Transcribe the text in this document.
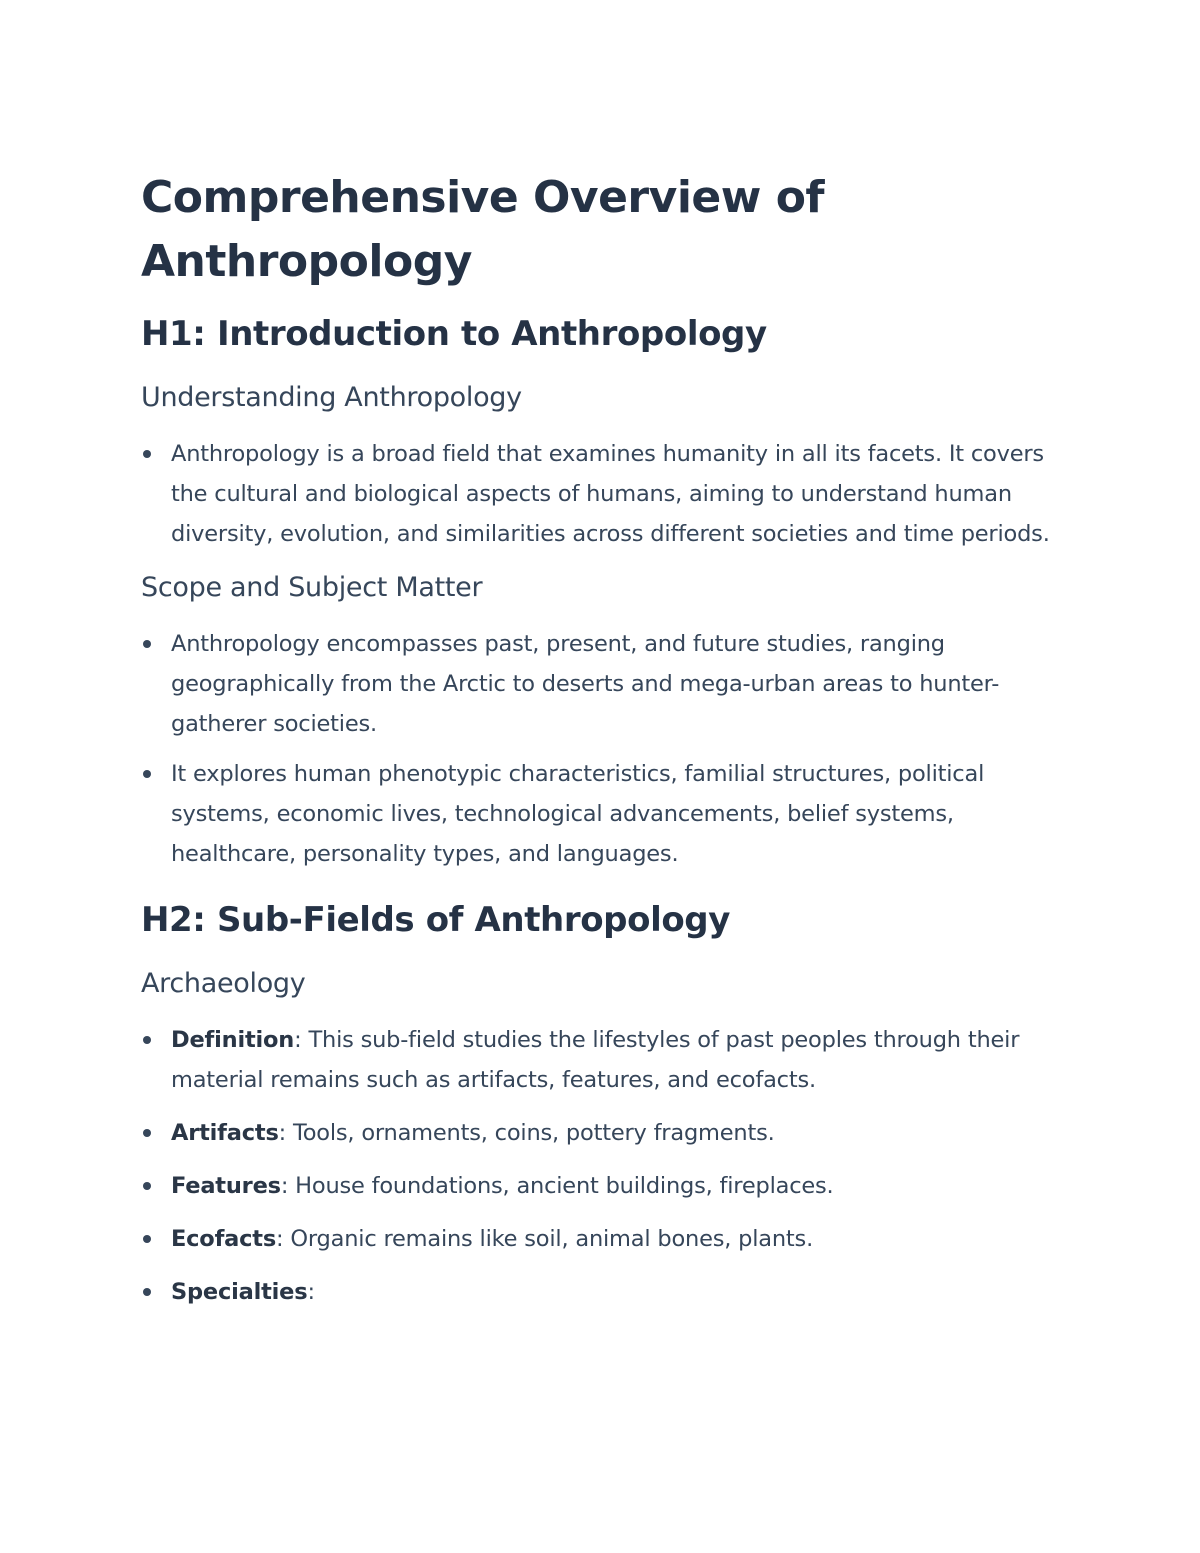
Comprehensive Overview of Anthropology
H1: Introduction to Anthropology
Understanding Anthropology
Anthropology is a broad field that examines humanity in all its facets. It covers the cultural and biological aspects of humans, aiming to understand human diversity, evolution, and similarities across different societies and time periods.
Scope and Subject Matter
Anthropology encompasses past, present, and future studies, ranging geographically from the Arctic to deserts and mega-urban areas to hunter-gatherer societies.
It explores human phenotypic characteristics, familial structures, political systems, economic lives, technological advancements, belief systems, healthcare, personality types, and languages.
H2: Sub-Fields of Anthropology
Archaeology
Definition: This sub-field studies the lifestyles of past peoples through their material remains such as artifacts, features, and ecofacts.
Artifacts: Tools, ornaments, coins, pottery fragments.
Features: House foundations, ancient buildings, fireplaces.
Ecofacts: Organic remains like soil, animal bones, plants.
Specialties:
